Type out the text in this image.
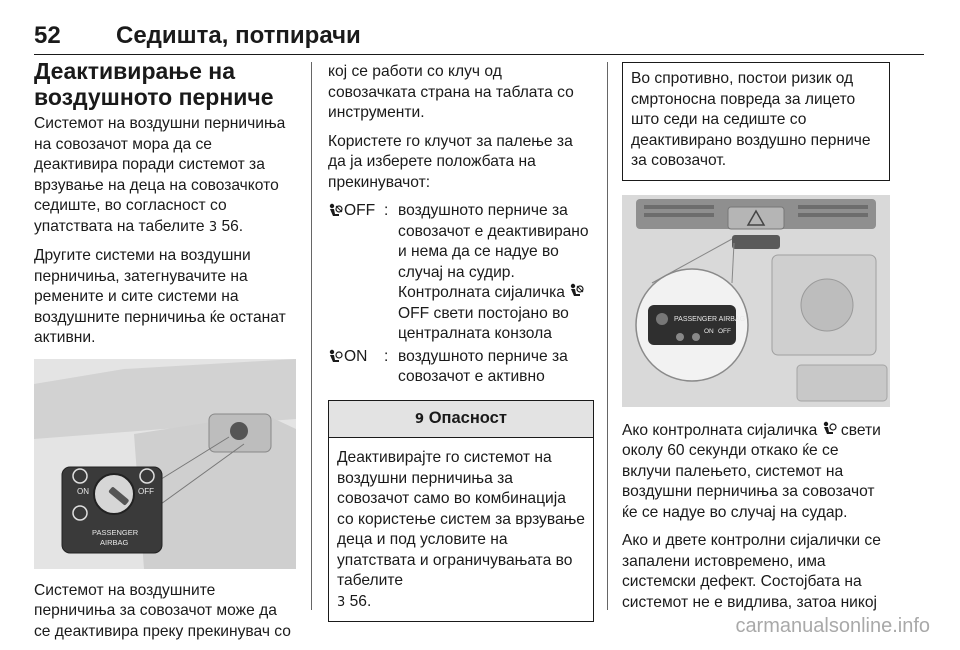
52 Седишта, потпирачи
Деактивирање на воздушното перниче

Системот на воздушни перничиња на совозачот мора да се деактивира поради системот за врзување на деца на совозачкото седиште, во согласност со упатствата на табелите 3 56.

Другите системи на воздушни перничиња, затегнувачите на ремените и сите системи на воздушните перничиња ќе останат активни.

ON	OFF
PASSENGER
AIRBAG

Системот на воздушните перничиња за совозачот може да се деактивира преку прекинувач со

кој се работи со клуч од совозачката страна на таблата со инструменти.

Користете го клучот за палење за да ја изберете положбата на прекинувачот:

OFF : воздушното перниче за совозачот е деактивирано и нема да се надуе во случај на судир. Контролната сијаличка OFF свети постојано во централната конзола
ON : воздушното перниче за совозачот е активно
9 Опасност
Деактивирајте го системот на воздушни перничиња за совозачот само во комбинација со користење систем за врзување деца и под условите на упатствата и ограничувањата во табелите
3 56.
Во спротивно, постои ризик од смртоносна повреда за лицето што седи на седиште со деактивирано воздушно перниче за совозачот.
PASSENGER AIRBAG
ON OFF

Ако контролната сијаличка  свети околу 60 секунди откако ќе се вклучи палењето, системот на воздушни перничиња за совозачот ќе се надуе во случај на судар.

Ако и двете контролни сијалички се запалени истовремено, има системски дефект. Состојбата на системот не е видлива, затоа никој

carmanualsonline.info
